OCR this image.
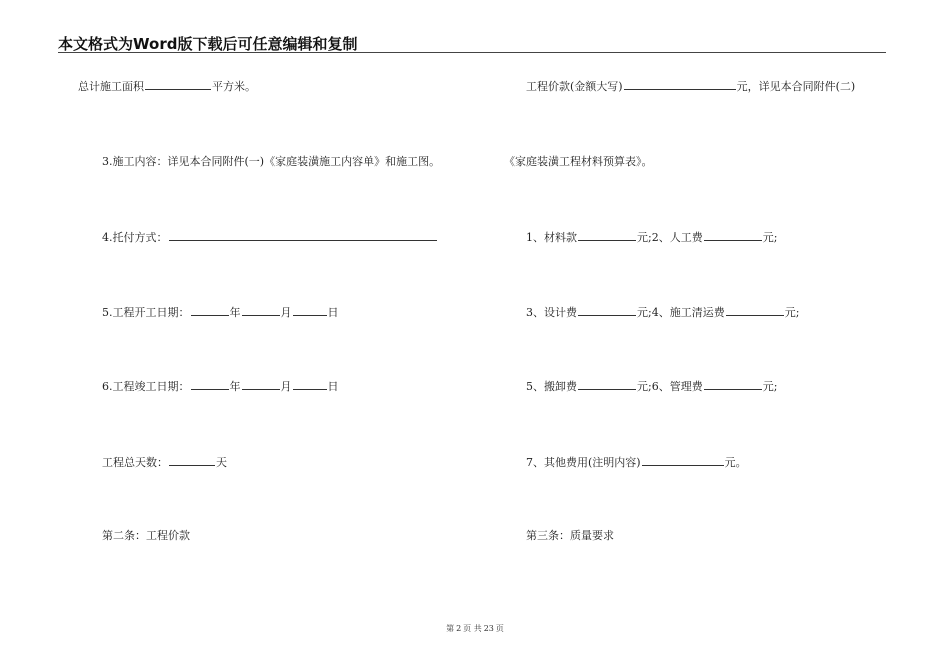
本文格式为Word版下载后可任意编辑和复制
总计施工面积	平方米。
3.施工内容：详见本合同附件(一)《家庭装潢施工内容单》和施工图。
4.托付方式：
5.工程开工日期：	年	月	日
6.工程竣工日期：	年	月	日
工程总天数：	天
第二条：工程价款
工程价款(金额大写)	元，详见本合同附件(二)
《家庭装潢工程材料预算表》。
1、材料款	元;2、人工费	元;
3、设计费	元;4、施工清运费	元;
5、搬卸费	元;6、管理费	元;
7、其他费用(注明内容)	元。
第三条：质量要求
第 2 页 共 23 页
